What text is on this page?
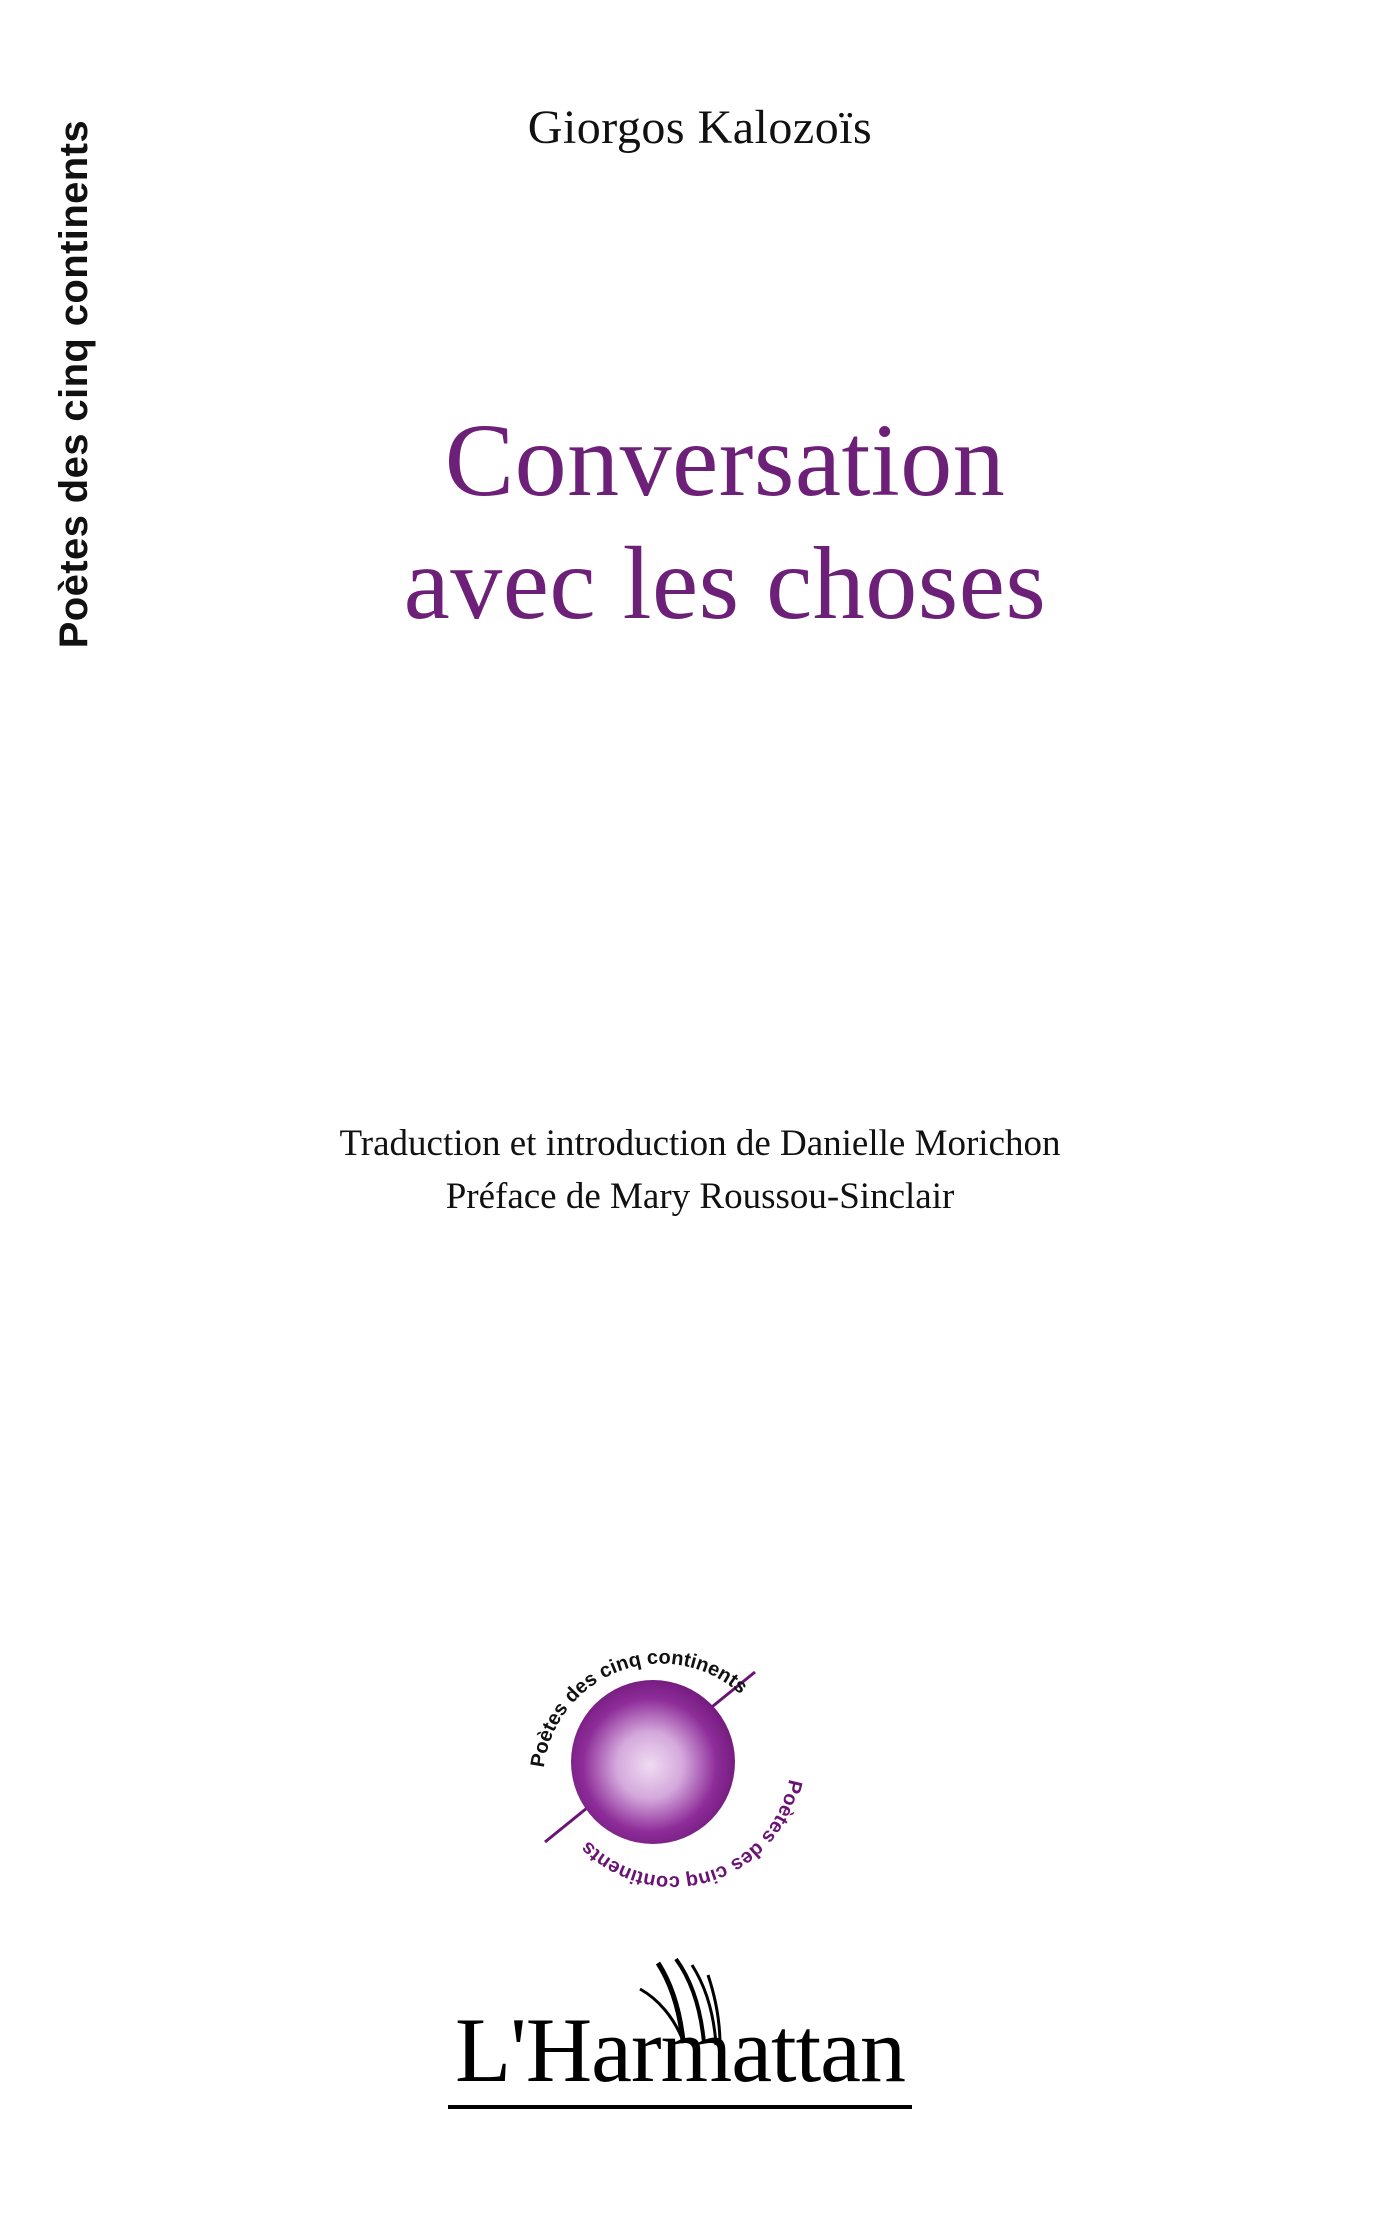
Poètes des cinq continents	Giorgos Kalozoïs
Conversation
avec les choses
Traduction et introduction de Danielle Morichon
Préface de Mary Roussou-Sinclair
Poètes des cinq continents
Poètes des cinq continents
L'Harmattan
